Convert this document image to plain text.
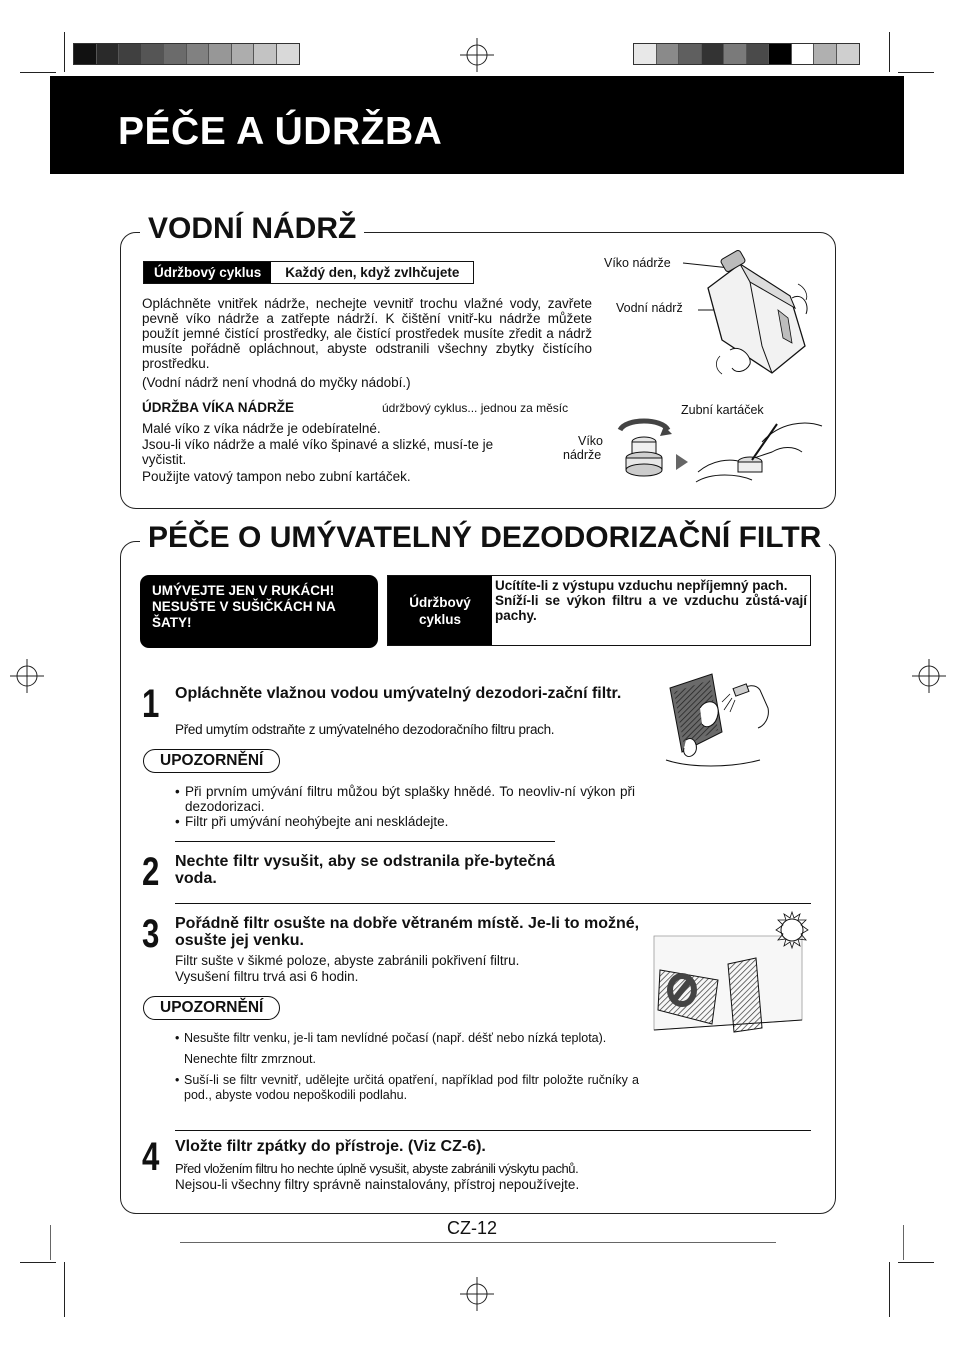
PÉČE A ÚDRŽBA
VODNÍ NÁDRŽ
Údržbový cyklus	Každý den, když zvlhčujete
Opláchněte vnitřek nádrže, nechejte vevnitř trochu vlažné vody, zavřete pevně víko nádrže a zatřepte nádrží. K čištění vnitř-ku nádrže můžete použít jemné čistící prostředky, ale čistící prostředek musíte zředit a nádrž musíte pořádně opláchnout, abyste odstranili všechny zbytky čistícího prostředku.
(Vodní nádrž není vhodná do myčky nádobí.)
ÚDRŽBA VÍKA NÁDRŽE	údržbový cyklus... jednou za měsíc
Malé víko z víka nádrže je odebíratelné.
Jsou-li víko nádrže a malé víko špinavé a slizké, musí-te je vyčistit.
Použijte vatový tampon nebo zubní kartáček.
Víko nádrže
Vodní nádrž
Zubní kartáček
Víko
nádrže
PÉČE O UMÝVATELNÝ DEZODORIZAČNÍ FILTR
UMÝVEJTE JEN V RUKÁCH! NESUŠTE V SUŠIČKÁCH NA ŠATY!
Údržbový cyklus
Ucítíte-li z výstupu vzduchu nepříjemný pach.
Sníží-li se výkon filtru a ve vzduchu zůstá-vají pachy.
1 Opláchněte vlažnou vodou umývatelný dezodori-zační filtr.
Před umytím odstraňte z umývatelného dezodoračního filtru prach.
UPOZORNĚNÍ
• Při prvním umývání filtru můžou být splašky hnědé. To neovliv-ní výkon při dezodorizaci.
• Filtr při umývání neohýbejte ani neskládejte.
2 Nechte filtr vysušit, aby se odstranila pře-bytečná voda.
3 Pořádně filtr osušte na dobře větraném místě. Je-li to možné, osušte jej venku.
Filtr sušte v šikmé poloze, abyste zabránili pokřivení filtru.
Vysušení filtru trvá asi 6 hodin.
UPOZORNĚNÍ
• Nesušte filtr venku, je-li tam nevlídné počasí (např. déšť nebo nízká teplota).
Nenechte filtr zmrznout.
• Suší-li se filtr vevnitř, udělejte určitá opatření, například pod filtr položte ručníky a pod., abyste vodou nepoškodili podlahu.
4 Vložte filtr zpátky do přístroje. (Viz CZ-6).
Před vložením filtru ho nechte úplně vysušit, abyste zabránili výskytu pachů.
Nejsou-li všechny filtry správně nainstalovány, přístroj nepoužívejte.
CZ-12
